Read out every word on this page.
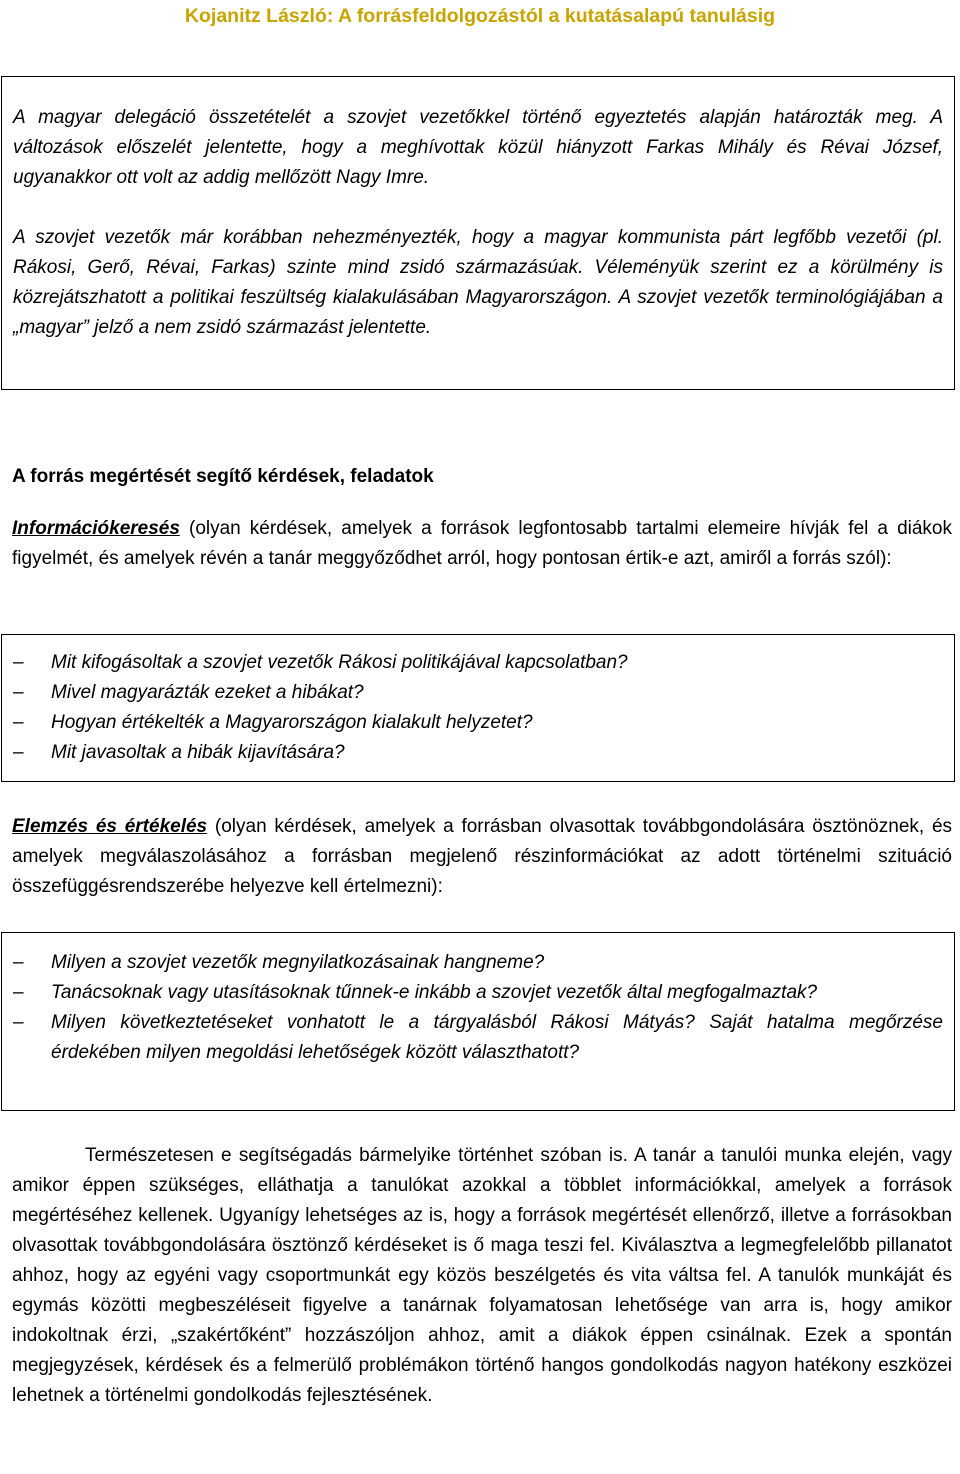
Kojanitz László: A forrásfeldolgozástól a kutatásalapú tanulásig

A magyar delegáció összetételét a szovjet vezetőkkel történő egyeztetés alapján határozták meg. A változások előszelét jelentette, hogy a meghívottak közül hiányzott Farkas Mihály és Révai József, ugyanakkor ott volt az addig mellőzött Nagy Imre.

A szovjet vezetők már korábban nehezményezték, hogy a magyar kommunista párt legfőbb vezetői (pl. Rákosi, Gerő, Révai, Farkas) szinte mind zsidó származásúak. Véleményük szerint ez a körülmény is közrejátszhatott a politikai feszültség kialakulásában Magyarországon. A szovjet vezetők terminológiájában a „magyar” jelző a nem zsidó származást jelentette.

A forrás megértését segítő kérdések, feladatok

Információkeresés (olyan kérdések, amelyek a források legfontosabb tartalmi elemeire hívják fel a diákok figyelmét, és amelyek révén a tanár meggyőződhet arról, hogy pontosan értik-e azt, amiről a forrás szól):

– Mit kifogásoltak a szovjet vezetők Rákosi politikájával kapcsolatban?
– Mivel magyarázták ezeket a hibákat?
– Hogyan értékelték a Magyarországon kialakult helyzetet?
– Mit javasoltak a hibák kijavítására?

Elemzés és értékelés (olyan kérdések, amelyek a forrásban olvasottak továbbgondolására ösztönöznek, és amelyek megválaszolásához a forrásban megjelenő részinformációkat az adott történelmi szituáció összefüggésrendszerébe helyezve kell értelmezni):

– Milyen a szovjet vezetők megnyilatkozásainak hangneme?
– Tanácsoknak vagy utasításoknak tűnnek-e inkább a szovjet vezetők által megfogalmaztak?
– Milyen következtetéseket vonhatott le a tárgyalásból Rákosi Mátyás? Saját hatalma megőrzése érdekében milyen megoldási lehetőségek között választhatott?

Természetesen e segítségadás bármelyike történhet szóban is. A tanár a tanulói munka elején, vagy amikor éppen szükséges, elláthatja a tanulókat azokkal a többlet információkkal, amelyek a források megértéséhez kellenek. Ugyanígy lehetséges az is, hogy a források megértését ellenőrző, illetve a forrásokban olvasottak továbbgondolására ösztönző kérdéseket is ő maga teszi fel. Kiválasztva a legmegfelelőbb pillanatot ahhoz, hogy az egyéni vagy csoportmunkát egy közös beszélgetés és vita váltsa fel. A tanulók munkáját és egymás közötti megbeszéléseit figyelve a tanárnak folyamatosan lehetősége van arra is, hogy amikor indokoltnak érzi, „szakértőként” hozzászóljon ahhoz, amit a diákok éppen csinálnak. Ezek a spontán megjegyzések, kérdések és a felmerülő problémákon történő hangos gondolkodás nagyon hatékony eszközei lehetnek a történelmi gondolkodás fejlesztésének.
